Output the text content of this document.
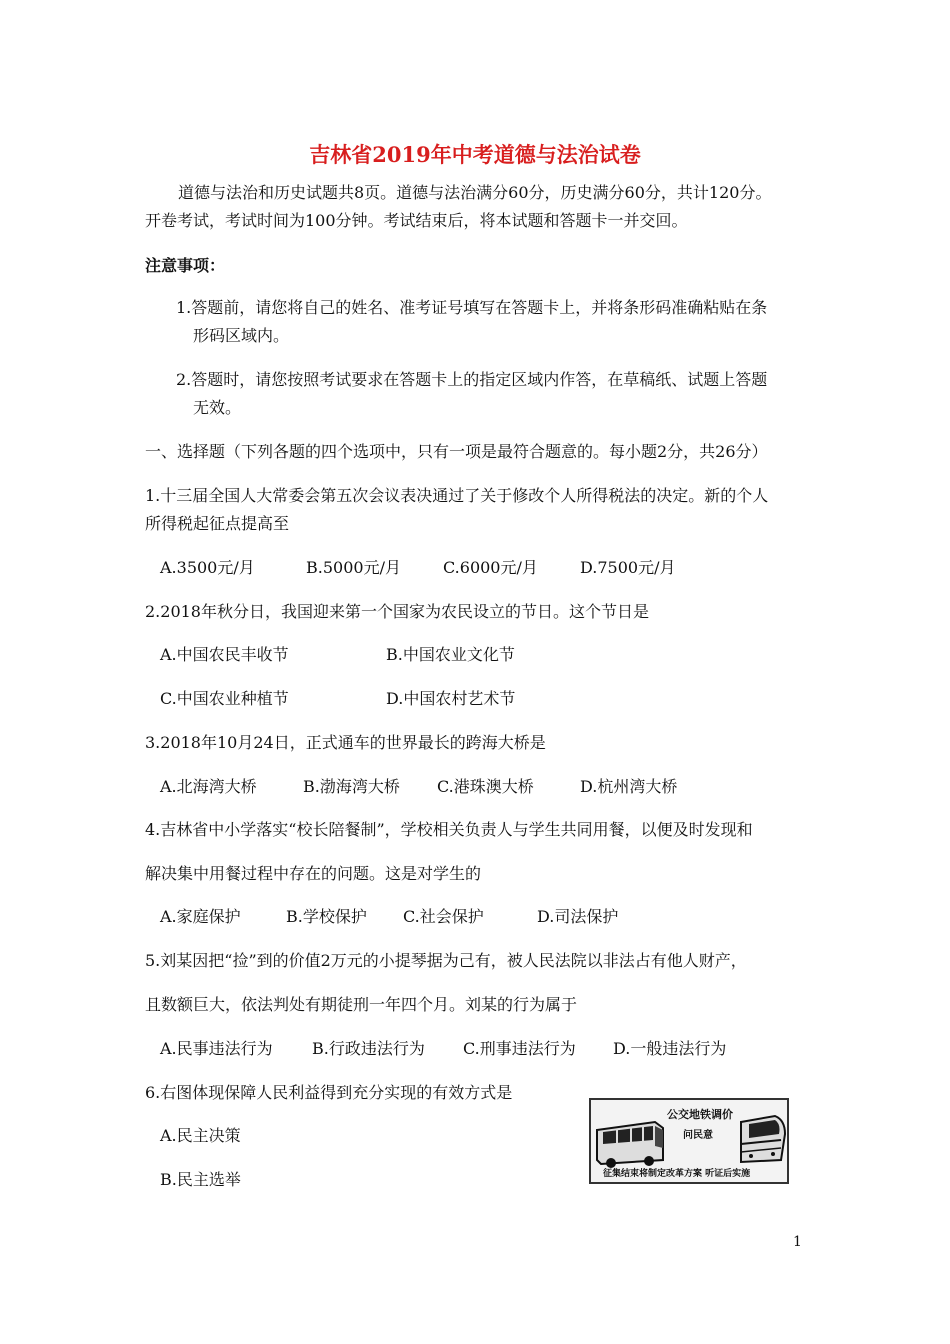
吉林省2019年中考道德与法治试卷
道德与法治和历史试题共8页。道德与法治满分60分，历史满分60分，共计120分。
开卷考试，考试时间为100分钟。考试结束后，将本试题和答题卡一并交回。
注意事项：
1.答题前，请您将自己的姓名、准考证号填写在答题卡上，并将条形码准确粘贴在条
形码区域内。
2.答题时，请您按照考试要求在答题卡上的指定区域内作答，在草稿纸、试题上答题
无效。
一、选择题（下列各题的四个选项中，只有一项是最符合题意的。每小题2分，共26分）
1.十三届全国人大常委会第五次会议表决通过了关于修改个人所得税法的决定。新的个人
所得税起征点提高至
A.3500元/月	B.5000元/月	C.6000元/月	D.7500元/月
2.2018年秋分日，我国迎来第一个国家为农民设立的节日。这个节日是
A.中国农民丰收节	B.中国农业文化节
C.中国农业种植节	D.中国农村艺术节
3.2018年10月24日，正式通车的世界最长的跨海大桥是
A.北海湾大桥	B.渤海湾大桥 C.港珠澳大桥	D.杭州湾大桥
4.吉林省中小学落实“校长陪餐制”，学校相关负责人与学生共同用餐，以便及时发现和
解决集中用餐过程中存在的问题。这是对学生的
A.家庭保护	B.学校保护 C.社会保护	D.司法保护
5.刘某因把“捡”到的价值2万元的小提琴据为己有，被人民法院以非法占有他人财产，
且数额巨大，依法判处有期徒刑一年四个月。刘某的行为属于
A.民事违法行为 B.行政违法行为 C.刑事违法行为 D.一般违法行为
6.右图体现保障人民利益得到充分实现的有效方式是
A.民主决策
B.民主选举
公交地铁调价
问民意
征集结束将制定改革方案 听证后实施
1
